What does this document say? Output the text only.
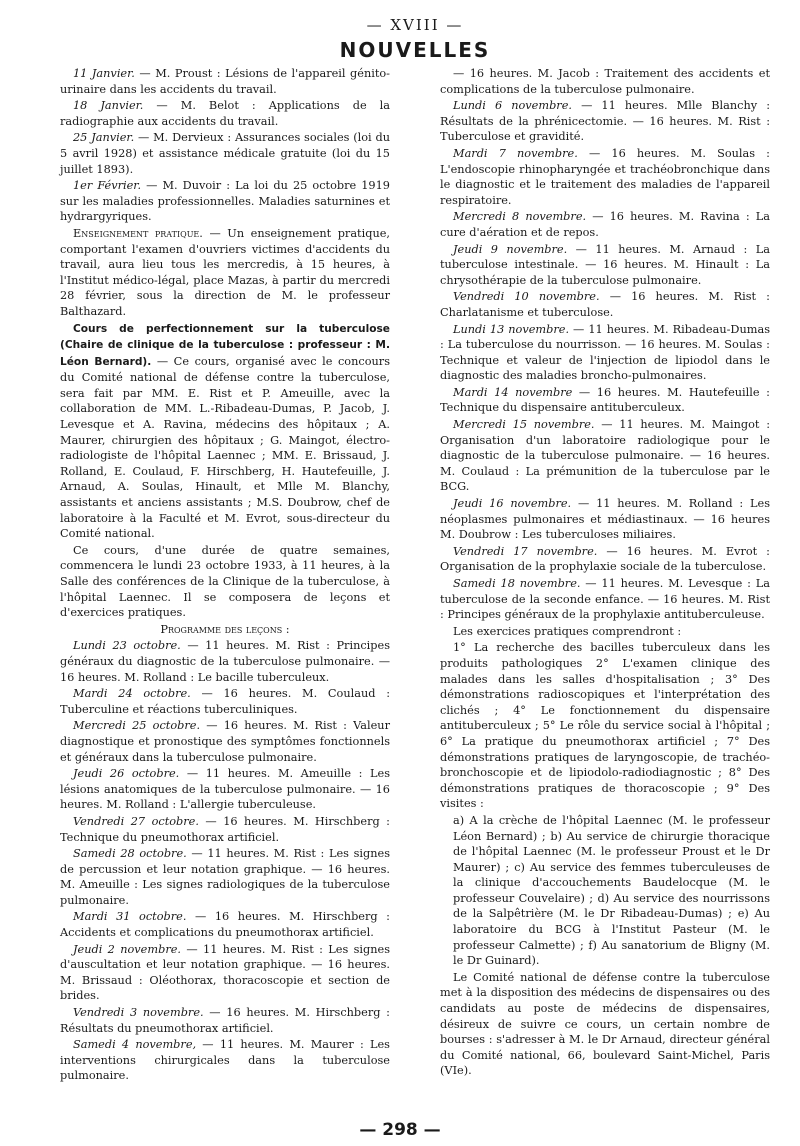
— XVIII —
NOUVELLES

11 Janvier. — M. Proust : Lésions de l'appareil génito-urinaire dans les accidents du travail.

18 Janvier. — M. Belot : Applications de la radiographie aux accidents du travail.

25 Janvier. — M. Dervieux : Assurances sociales (loi du 5 avril 1928) et assistance médicale gratuite (loi du 15 juillet 1893).

1er Février. — M. Duvoir : La loi du 25 octobre 1919 sur les maladies professionnelles. Maladies saturnines et hydrargyriques.

Enseignement pratique. — Un enseignement pratique, comportant l'examen d'ouvriers victimes d'accidents du travail, aura lieu tous les mercredis, à 15 heures, à l'Institut médico-légal, place Mazas, à partir du mercredi 28 février, sous la direction de M. le professeur Balthazard.

Cours de perfectionnement sur la tuberculose (Chaire de clinique de la tuberculose : professeur : M. Léon Bernard). — Ce cours, organisé avec le concours du Comité national de défense contre la tuberculose, sera fait par MM. E. Rist et P. Ameuille, avec la collaboration de MM. L.-Ribadeau-Dumas, P. Jacob, J. Levesque et A. Ravina, médecins des hôpitaux ; A. Maurer, chirurgien des hôpitaux ; G. Maingot, électro-radiologiste de l'hôpital Laennec ; MM. E. Brissaud, J. Rolland, E. Coulaud, F. Hirschberg, H. Hautefeuille, J. Arnaud, A. Soulas, Hinault, et Mlle M. Blanchy, assistants et anciens assistants ; M.S. Doubrow, chef de laboratoire à la Faculté et M. Evrot, sous-directeur du Comité national.

Ce cours, d'une durée de quatre semaines, commencera le lundi 23 octobre 1933, à 11 heures, à la Salle des conférences de la Clinique de la tuberculose, à l'hôpital Laennec. Il se composera de leçons et d'exercices pratiques.

Programme des leçons :

Lundi 23 octobre. — 11 heures. M. Rist : Principes généraux du diagnostic de la tuberculose pulmonaire. — 16 heures. M. Rolland : Le bacille tuberculeux.

Mardi 24 octobre. — 16 heures. M. Coulaud : Tuberculine et réactions tuberculiniques.

Mercredi 25 octobre. — 16 heures. M. Rist : Valeur diagnostique et pronostique des symptômes fonctionnels et généraux dans la tuberculose pulmonaire.

Jeudi 26 octobre. — 11 heures. M. Ameuille : Les lésions anatomiques de la tuberculose pulmonaire. — 16 heures. M. Rolland : L'allergie tuberculeuse.

Vendredi 27 octobre. — 16 heures. M. Hirschberg : Technique du pneumothorax artificiel.

Samedi 28 octobre. — 11 heures. M. Rist : Les signes de percussion et leur notation graphique. — 16 heures. M. Ameuille : Les signes radiologiques de la tuberculose pulmonaire.

Mardi 31 octobre. — 16 heures. M. Hirschberg : Accidents et complications du pneumothorax artificiel.

Jeudi 2 novembre. — 11 heures. M. Rist : Les signes d'auscultation et leur notation graphique. — 16 heures. M. Brissaud : Oléothorax, thoracoscopie et section de brides.

Vendredi 3 novembre. — 16 heures. M. Hirschberg : Résultats du pneumothorax artificiel.

Samedi 4 novembre, — 11 heures. M. Maurer : Les interventions chirurgicales dans la tuberculose pulmonaire.

— 16 heures. M. Jacob : Traitement des accidents et complications de la tuberculose pulmonaire.

Lundi 6 novembre. — 11 heures. Mlle Blanchy : Résultats de la phrénicectomie. — 16 heures. M. Rist : Tuberculose et gravidité.

Mardi 7 novembre. — 16 heures. M. Soulas : L'endoscopie rhinopharyngée et trachéobronchique dans le diagnostic et le traitement des maladies de l'appareil respiratoire.

Mercredi 8 novembre. — 16 heures. M. Ravina : La cure d'aération et de repos.

Jeudi 9 novembre. — 11 heures. M. Arnaud : La tuberculose intestinale. — 16 heures. M. Hinault : La chrysothérapie de la tuberculose pulmonaire.

Vendredi 10 novembre. — 16 heures. M. Rist : Charlatanisme et tuberculose.

Lundi 13 novembre. — 11 heures. M. Ribadeau-Dumas : La tuberculose du nourrisson. — 16 heures. M. Soulas : Technique et valeur de l'injection de lipiodol dans le diagnostic des maladies broncho-pulmonaires.

Mardi 14 novembre — 16 heures. M. Hautefeuille : Technique du dispensaire antituberculeux.

Mercredi 15 novembre. — 11 heures. M. Maingot : Organisation d'un laboratoire radiologique pour le diagnostic de la tuberculose pulmonaire. — 16 heures. M. Coulaud : La prémunition de la tuberculose par le BCG.

Jeudi 16 novembre. — 11 heures. M. Rolland : Les néoplasmes pulmonaires et médiastinaux. — 16 heures M. Doubrow : Les tuberculoses miliaires.

Vendredi 17 novembre. — 16 heures. M. Evrot : Organisation de la prophylaxie sociale de la tuberculose.

Samedi 18 novembre. — 11 heures. M. Levesque : La tuberculose de la seconde enfance. — 16 heures. M. Rist : Principes généraux de la prophylaxie antituberculeuse.

Les exercices pratiques comprendront :

1° La recherche des bacilles tuberculeux dans les produits pathologiques 2° L'examen clinique des malades dans les salles d'hospitalisation ; 3° Des démonstrations radioscopiques et l'interprétation des clichés ; 4° Le fonctionnement du dispensaire antituberculeux ; 5° Le rôle du service social à l'hôpital ; 6° La pratique du pneumothorax artificiel ; 7° Des démonstrations pratiques de laryngoscopie, de trachéo-bronchoscopie et de lipiodolo-radiodiagnostic ; 8° Des démonstrations pratiques de thoracoscopie ; 9° Des visites :

a) A la crèche de l'hôpital Laennec (M. le professeur Léon Bernard) ; b) Au service de chirurgie thoracique de l'hôpital Laennec (M. le professeur Proust et le Dr Maurer) ; c) Au service des femmes tuberculeuses de la clinique d'accouchements Baudelocque (M. le professeur Couvelaire) ; d) Au service des nourrissons de la Salpêtrière (M. le Dr Ribadeau-Dumas) ; e) Au laboratoire du BCG à l'Institut Pasteur (M. le professeur Calmette) ; f) Au sanatorium de Bligny (M. le Dr Guinard).

Le Comité national de défense contre la tuberculose met à la disposition des médecins de dispensaires ou des candidats au poste de médecins de dispensaires, désireux de suivre ce cours, un certain nombre de bourses : s'adresser à M. le Dr Arnaud, directeur général du Comité national, 66, boulevard Saint-Michel, Paris (VIe).

— 298 —
